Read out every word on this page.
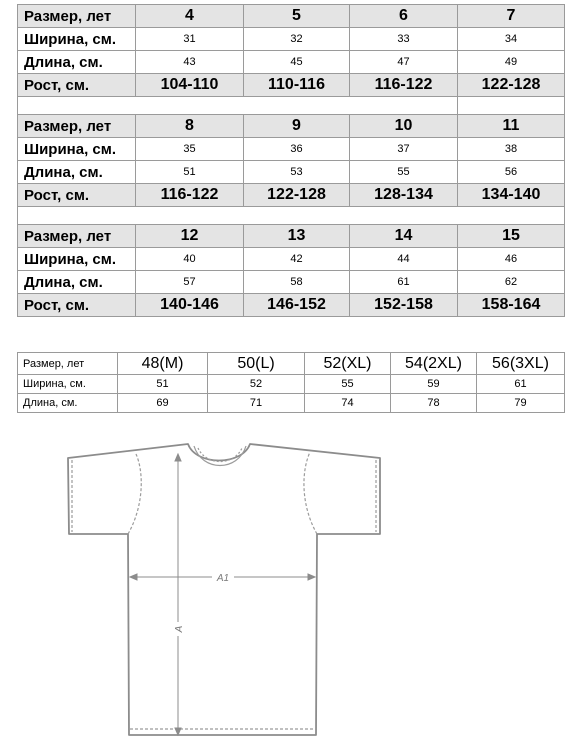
Размер, лет	4	5	6	7
Ширина, см.	31	32	33	34
Длина, см.	43	45	47	49
Рост, см.	104-110	110-116	116-122	122-128

Размер, лет	8	9	10	11
Ширина, см.	35	36	37	38
Длина, см.	51	53	55	56
Рост, см.	116-122	122-128	128-134	134-140

Размер, лет	12	13	14	15
Ширина, см.	40	42	44	46
Длина, см.	57	58	61	62
Рост, см.	140-146	146-152	152-158	158-164
Размер, лет	48(M)	50(L)	52(XL)	54(2XL)	56(3XL)
Ширина, см.	51	52	55	59	61
Длина, см.	69	71	74	78	79
A1
A
